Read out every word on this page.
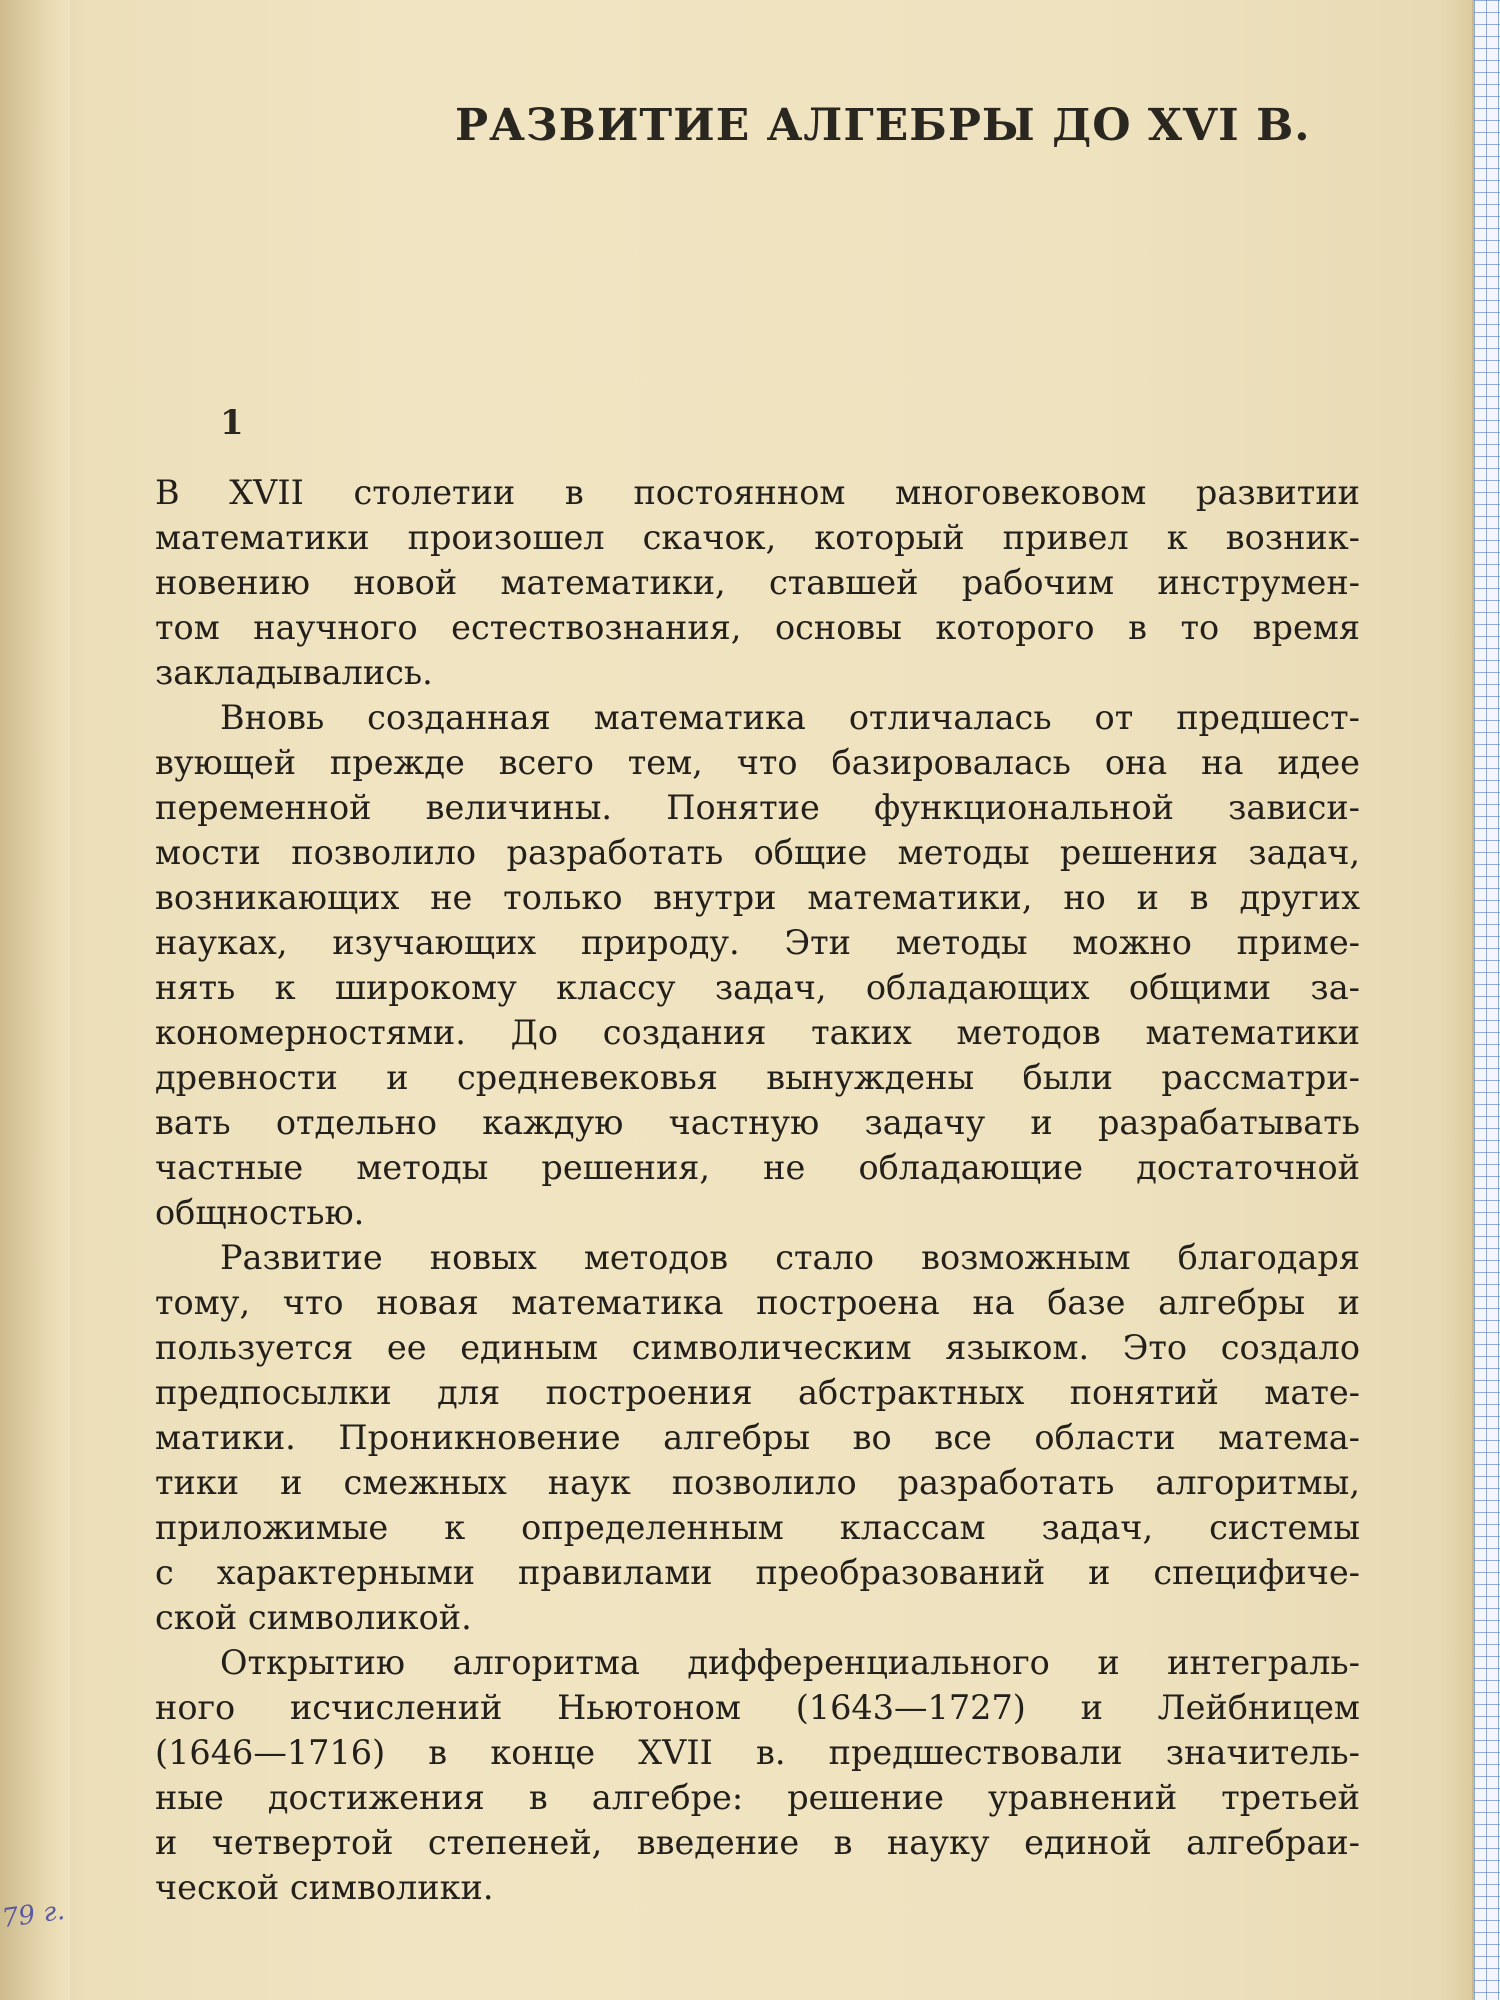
РАЗВИТИЕ АЛГЕБРЫ ДО XVI В.
1
В XVII столетии в постоянном многовековом развитии
математики произошел скачок, который привел к возник-
новению новой математики, ставшей рабочим инструмен-
том научного естествознания, основы которого в то время
закладывались.
Вновь созданная математика отличалась от предшест-
вующей прежде всего тем, что базировалась она на идее
переменной величины. Понятие функциональной зависи-
мости позволило разработать общие методы решения задач,
возникающих не только внутри математики, но и в других
науках, изучающих природу. Эти методы можно приме-
нять к широкому классу задач, обладающих общими за-
кономерностями. До создания таких методов математики
древности и средневековья вынуждены были рассматри-
вать отдельно каждую частную задачу и разрабатывать
частные методы решения, не обладающие достаточной
общностью.
Развитие новых методов стало возможным благодаря
тому, что новая математика построена на базе алгебры и
пользуется ее единым символическим языком. Это создало
предпосылки для построения абстрактных понятий мате-
матики. Проникновение алгебры во все области матема-
тики и смежных наук позволило разработать алгоритмы,
приложимые к определенным классам задач, системы
с характерными правилами преобразований и специфиче-
ской символикой.
Открытию алгоритма дифференциального и интеграль-
ного исчислений Ньютоном (1643—1727) и Лейбницем
(1646—1716) в конце XVII в. предшествовали значитель-
ные достижения в алгебре: решение уравнений третьей
и четвертой степеней, введение в науку единой алгебраи-
ческой символики.
79 г.
